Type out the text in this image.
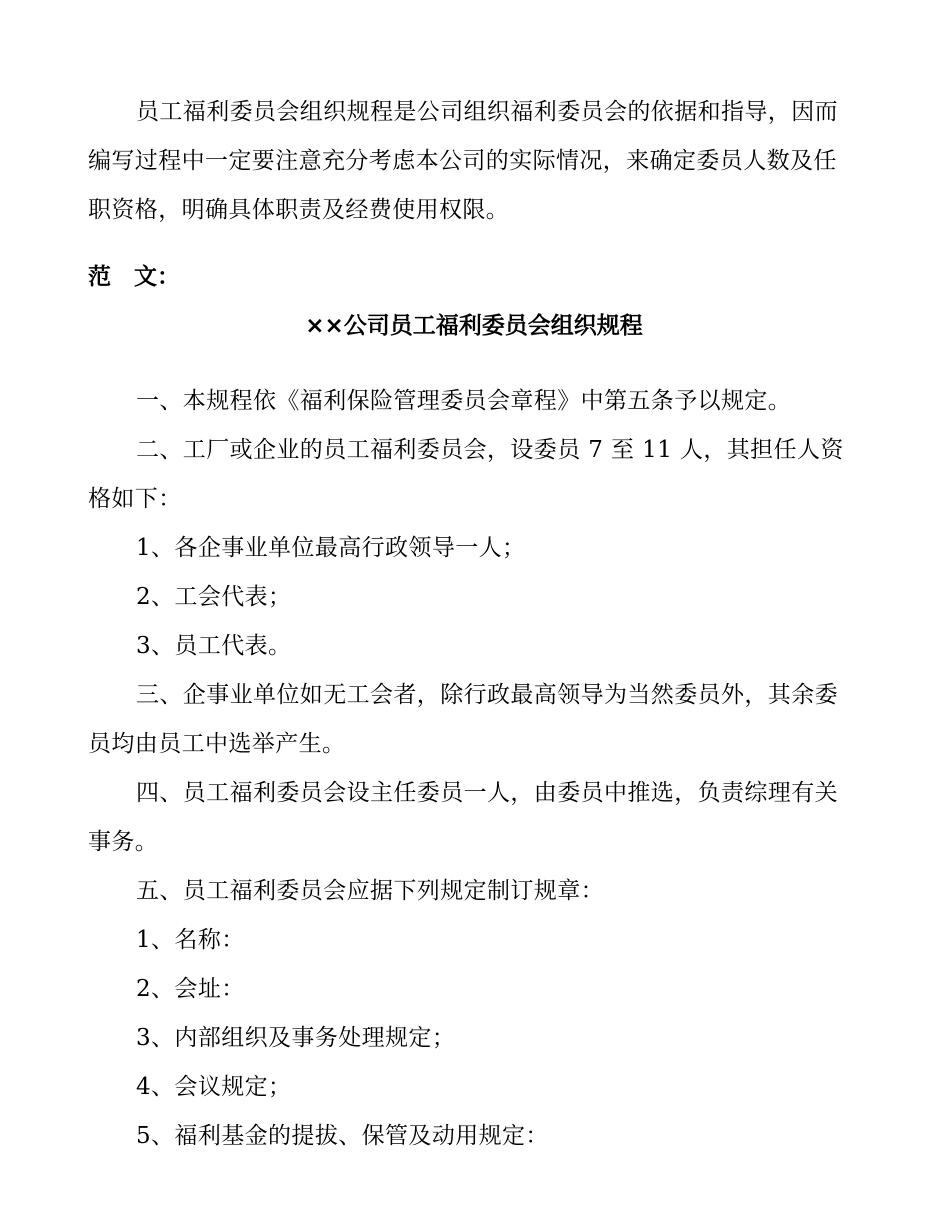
员工福利委员会组织规程是公司组织福利委员会的依据和指导，因而编写过程中一定要注意充分考虑本公司的实际情况，来确定委员人数及任职资格，明确具体职责及经费使用权限。

范　文：

××公司员工福利委员会组织规程

一、本规程依《福利保险管理委员会章程》中第五条予以规定。

二、工厂或企业的员工福利委员会，设委员 7 至 11 人，其担任人资格如下：

1、各企事业单位最高行政领导一人；

2、工会代表；

3、员工代表。

三、企事业单位如无工会者，除行政最高领导为当然委员外，其余委员均由员工中选举产生。

四、员工福利委员会设主任委员一人，由委员中推选，负责综理有关事务。

五、员工福利委员会应据下列规定制订规章：

1、名称：

2、会址：

3、内部组织及事务处理规定；

4、会议规定；

5、福利基金的提拔、保管及动用规定：
